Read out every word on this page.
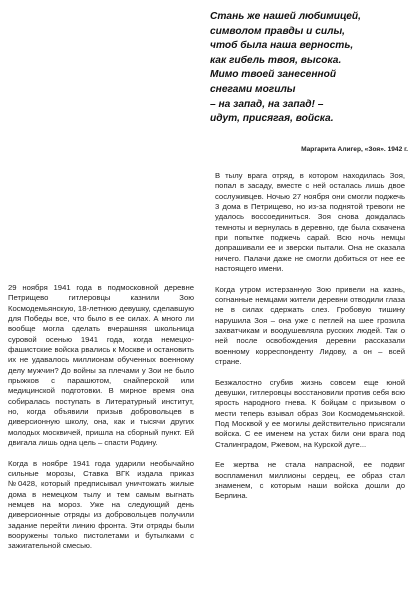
Стань же нашей любимицей,
символом правды и силы,
чтоб была наша верность,
как гибель твоя, высока.
Мимо твоей занесенной
снегами могилы
– на запад, на запад! –
идут, присягая, войска.
Маргарита Алигер, «Зоя». 1942 г.

29 ноября 1941 года в подмосковной деревне Петрищево гитлеровцы казнили Зою Космодемьянскую, 18-летнюю девушку, сделавшую для Победы все, что было в ее силах. А много ли вообще могла сделать вчерашняя школьница суровой осенью 1941 года, когда немецко-фашистские войска рвались к Москве и остановить их не удавалось миллионам обученных военному делу мужчин? До войны за плечами у Зои не было прыжков с парашютом, снайперской или медицинской подготовки. В мирное время она собиралась поступать в Литературный институт, но, когда объявили призыв добровольцев в диверсионную школу, она, как и тысячи других молодых москвичей, пришла на сборный пункт. Ей двигала лишь одна цель – спасти Родину.

Когда в ноябре 1941 года ударили необычайно сильные морозы, Ставка ВГК издала приказ №0428, который предписывал уничтожать жилые дома в немецком тылу и тем самым выгнать немцев на мороз. Уже на следующий день диверсионные отряды из добровольцев получили задание перейти линию фронта. Эти отряды были вооружены только пистолетами и бутылками с зажигательной смесью.

В тылу врага отряд, в котором находилась Зоя, попал в засаду, вместе с ней осталась лишь двое сослуживцев. Ночью 27 ноября они смогли поджечь 3 дома в Петрищево, но из-за поднятой тревоги не удалось воссоединиться. Зоя снова дождалась темноты и вернулась в деревню, где была схвачена при попытке поджечь сарай. Всю ночь немцы допрашивали ее и зверски пытали. Она не сказала ничего. Палачи даже не смогли добиться от нее ее настоящего имени.

Когда утром истерзанную Зою привели на казнь, согнанные немцами жители деревни отводили глаза не в силах сдержать слез. Гробовую тишину нарушила Зоя – она уже с петлей на шее грозила захватчикам и воодушевляла русских людей. Так о ней после освобождения деревни рассказали военному корреспонденту Лидову, а он – всей стране.

Безжалостно сгубив жизнь совсем еще юной девушки, гитлеровцы восстановили против себя всю ярость народного гнева. К бойцам с призывом о мести теперь взывал образ Зои Космодемьянской. Под Москвой у ее могилы действительно присягали войска. С ее именем на устах били они врага под Сталинградом, Ржевом, на Курской дуге...

Ее жертва не стала напрасной, ее подвиг воспламенил миллионы сердец, ее образ стал знаменем, с которым наши войска дошли до Берлина.
